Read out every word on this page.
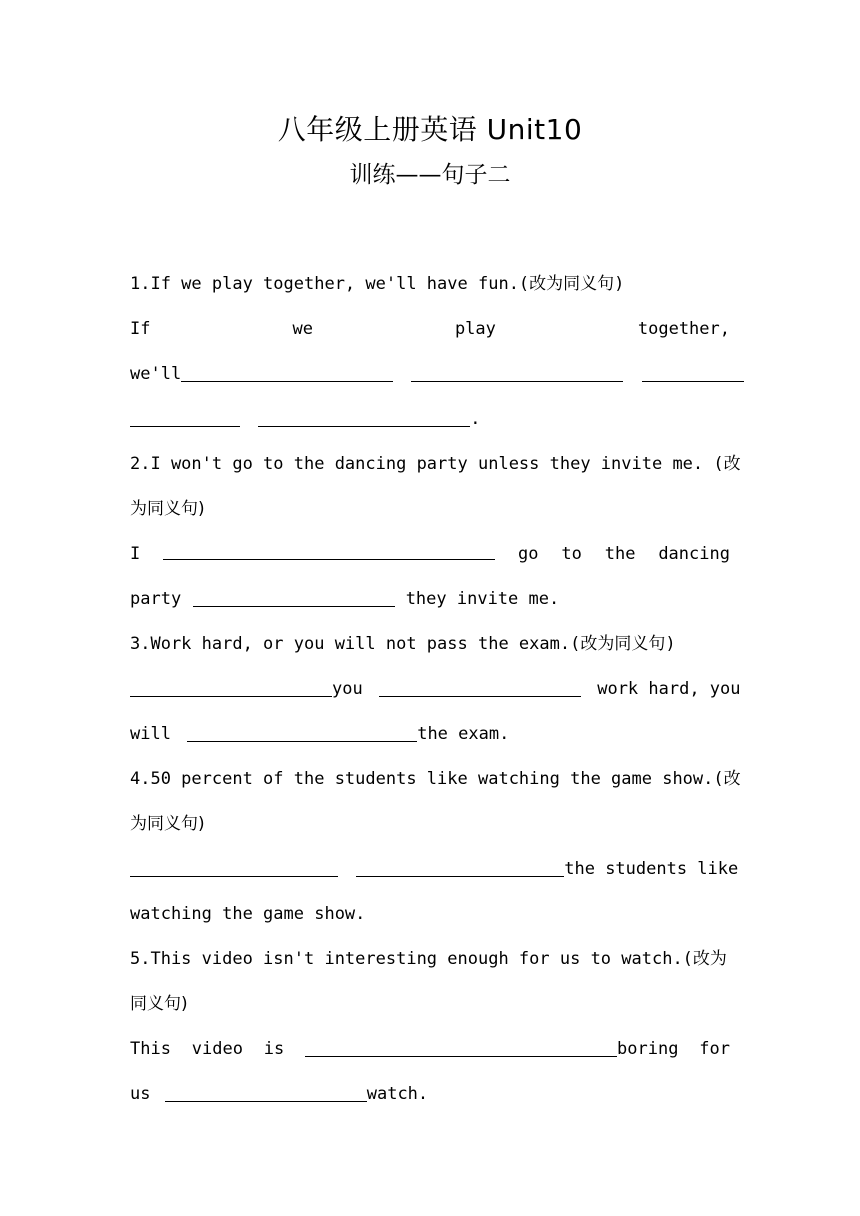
八年级上册英语 Unit10
训练——句子二
1.If we play together, we'll have fun.(改为同义句)
If	we	play	together,
we'll
.
2.I won't go to the dancing party unless they invite me. (改
为同义句)
I	go to the dancing
party	they invite me.
3.Work hard, or you will not pass the exam.(改为同义句)
you	work hard, you
will	the exam.
4.50 percent of the students like watching the game show.(改
为同义句)
the students like
watching the game show.
5.This video isn't interesting enough for us to watch.(改为
同义句)
This video is	boring for
us	watch.
